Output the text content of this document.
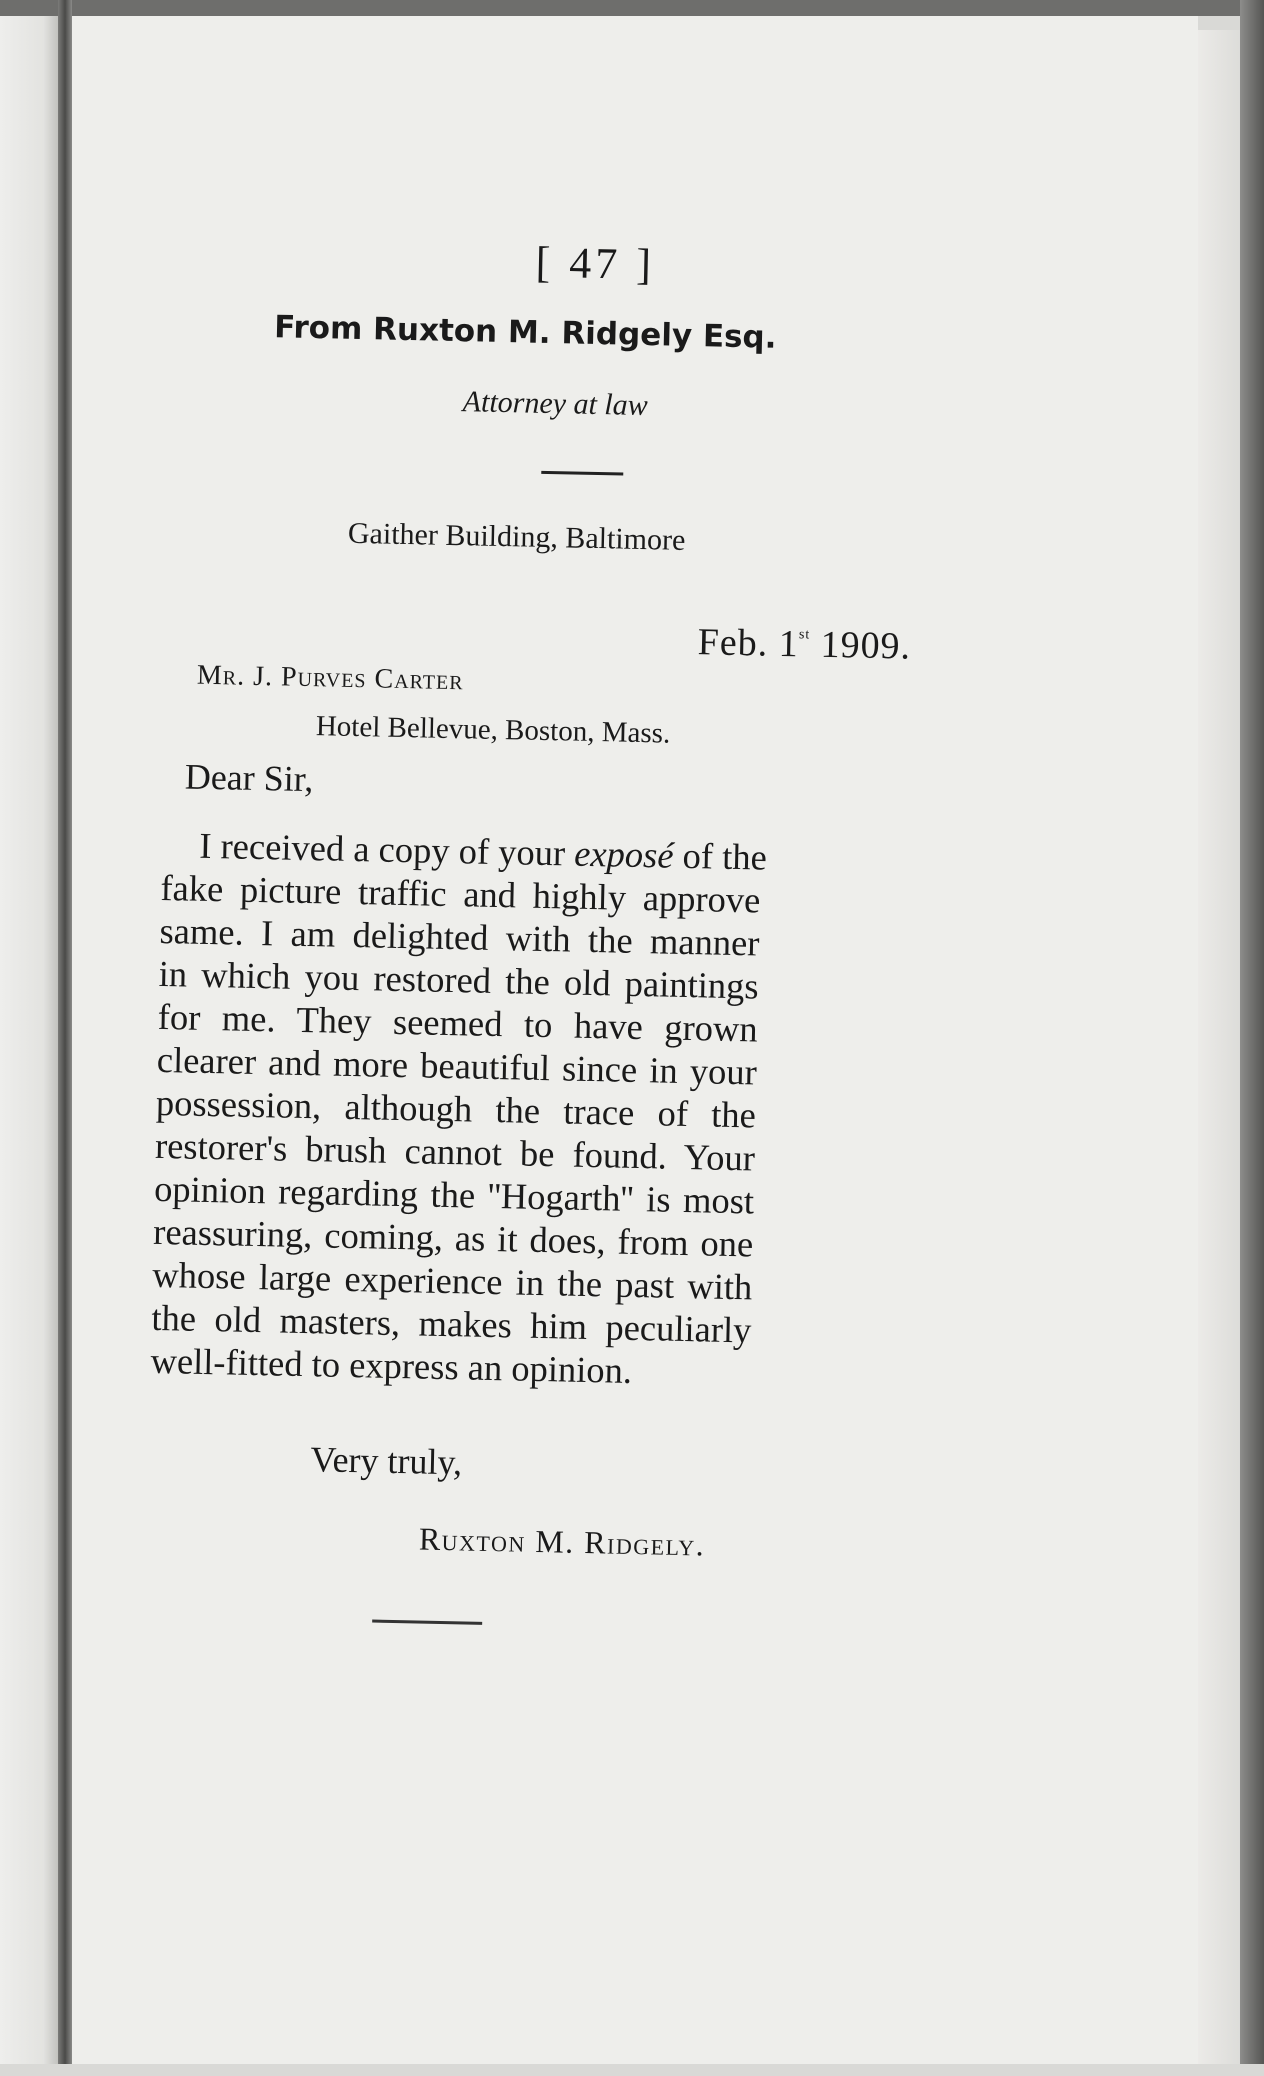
[ 47 ]
From Ruxton M. Ridgely Esq.
Attorney at law
Gaither Building, Baltimore
Feb. 1st 1909.
Mr. J. Purves Carter
Hotel Bellevue, Boston, Mass.
Dear Sir,
I received a copy of your exposé of the
fake picture traffic and highly approve
same. I am delighted with the manner
in which you restored the old paintings
for me. They seemed to have grown
clearer and more beautiful since in your
possession, although the trace of the
restorer's brush cannot be found. Your
opinion regarding the ''Hogarth'' is most
reassuring, coming, as it does, from one
whose large experience in the past with
the old masters, makes him peculiarly
well-fitted to express an opinion.
Very truly,
Ruxton M. Ridgely.
